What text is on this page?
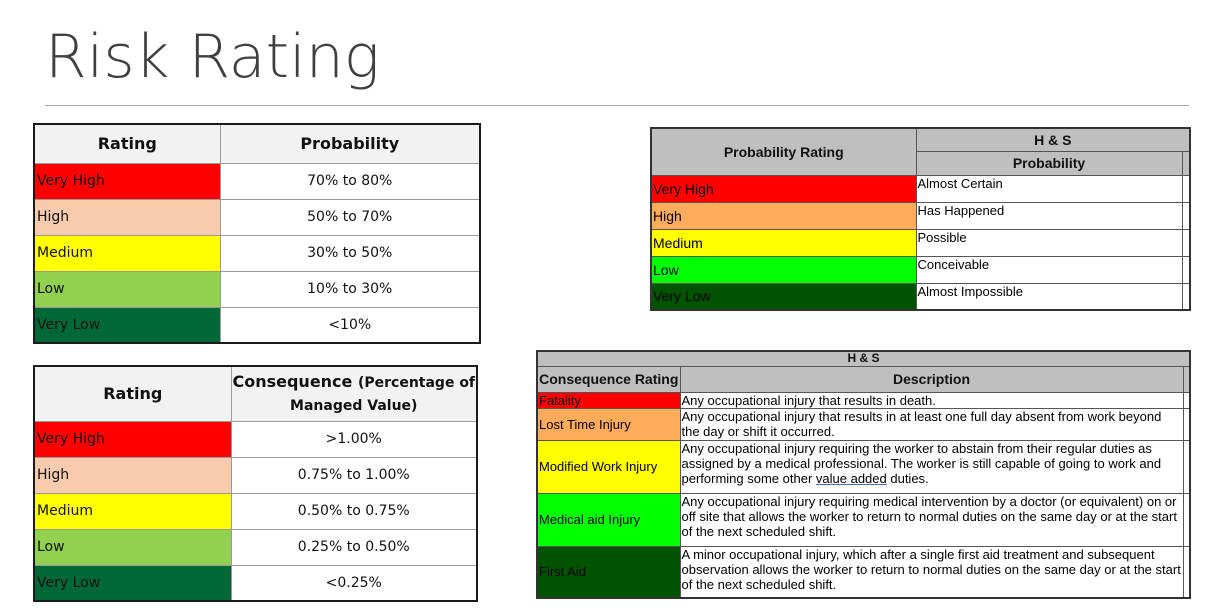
Risk Rating
Rating	Probability
Very High	70% to 80%
High	50% to 70%
Medium	30% to 50%
Low	10% to 30%
Very Low	<10%
Rating	Consequence (Percentage of Managed Value)
Very High	>1.00%
High	0.75% to 1.00%
Medium	0.50% to 0.75%
Low	0.25% to 0.50%
Very Low	<0.25%
Probability Rating	H & S	
	Probability	
Very High	Almost Certain	
High	Has Happened	
Medium	Possible	
Low	Conceivable	
Very Low	Almost Impossible	
H & S		
Consequence Rating	Description	
Fatality	Any occupational injury that results in death.	
Lost Time Injury	Any occupational injury that results in at least one full day absent from work beyond the day or shift it occurred.	
Modified Work Injury	Any occupational injury requiring the worker to abstain from their regular duties as assigned by a medical professional. The worker is still capable of going to work and performing some other value added duties.	
Medical aid Injury	Any occupational injury requiring medical intervention by a doctor (or equivalent) on or off site that allows the worker to return to normal duties on the same day or at the start of the next scheduled shift.	
First Aid	A minor occupational injury, which after a single first aid treatment and subsequent observation allows the worker to return to normal duties on the same day or at the start of the next scheduled shift.	
